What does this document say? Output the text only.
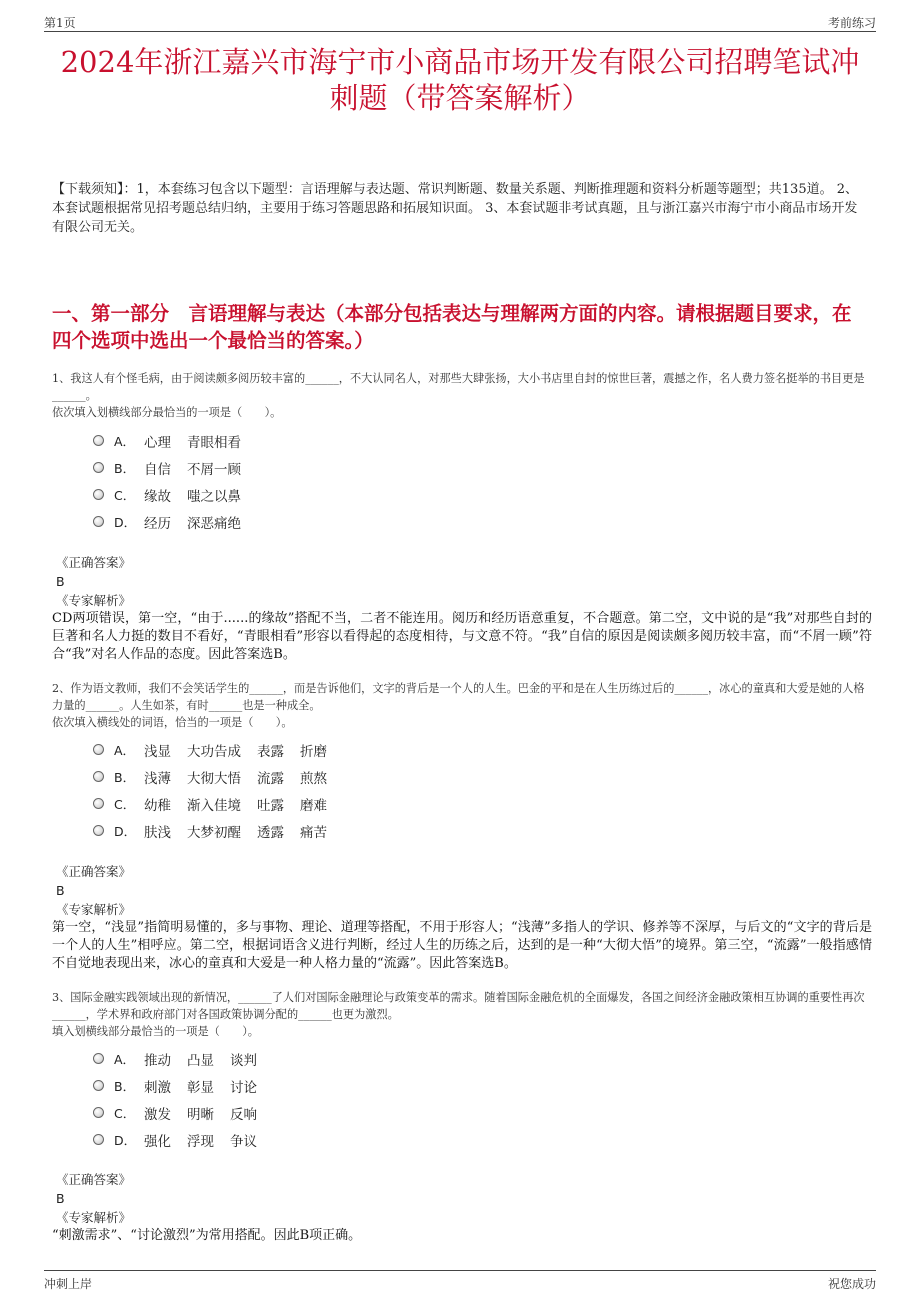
第1页	考前练习
2024年浙江嘉兴市海宁市小商品市场开发有限公司招聘笔试冲刺题（带答案解析）

【下载须知】：1，本套练习包含以下题型：言语理解与表达题、常识判断题、数量关系题、判断推理题和资料分析题等题型；共135道。 2、本套试题根据常见招考题总结归纳，主要用于练习答题思路和拓展知识面。 3、本套试题非考试真题，且与浙江嘉兴市海宁市小商品市场开发有限公司无关。

一、第一部分　言语理解与表达（本部分包括表达与理解两方面的内容。请根据题目要求，在四个选项中选出一个最恰当的答案。）

1、我这人有个怪毛病，由于阅读颇多阅历较丰富的______，不大认同名人，对那些大肆张扬，大小书店里自封的惊世巨著，震撼之作，名人费力签名挺举的书目更是______。

依次填入划横线部分最恰当的一项是（　　）。

A． 心理 青眼相看
B． 自信 不屑一顾
C． 缘故 嗤之以鼻
D． 经历 深恶痛绝
《正确答案》
B
《专家解析》

CD两项错误，第一空，“由于......的缘故”搭配不当，二者不能连用。阅历和经历语意重复，不合题意。第二空，文中说的是“我”对那些自封的巨著和名人力挺的数目不看好，“青眼相看”形容以看得起的态度相待，与文意不符。“我”自信的原因是阅读颇多阅历较丰富，而“不屑一顾”符合“我”对名人作品的态度。因此答案选B。

2、作为语文教师，我们不会笑话学生的______，而是告诉他们，文字的背后是一个人的人生。巴金的平和是在人生历练过后的______，冰心的童真和大爱是她的人格力量的______。人生如茶，有时______也是一种成全。

依次填入横线处的词语，恰当的一项是（　　）。

A． 浅显 大功告成 表露 折磨
B． 浅薄 大彻大悟 流露 煎熬
C． 幼稚 渐入佳境 吐露 磨难
D． 肤浅 大梦初醒 透露 痛苦
《正确答案》
B
《专家解析》

第一空，“浅显”指简明易懂的，多与事物、理论、道理等搭配，不用于形容人；“浅薄”多指人的学识、修养等不深厚，与后文的“文字的背后是一个人的人生”相呼应。第二空，根据词语含义进行判断，经过人生的历练之后，达到的是一种“大彻大悟”的境界。第三空，“流露”一般指感情不自觉地表现出来，冰心的童真和大爱是一种人格力量的“流露”。因此答案选B。

3、国际金融实践领域出现的新情况，______了人们对国际金融理论与政策变革的需求。随着国际金融危机的全面爆发，各国之间经济金融政策相互协调的重要性再次______，学术界和政府部门对各国政策协调分配的______也更为激烈。

填入划横线部分最恰当的一项是（　　）。

A． 推动 凸显 谈判
B． 刺激 彰显 讨论
C． 激发 明晰 反响
D． 强化 浮现 争议
《正确答案》
B
《专家解析》

“刺激需求”、“讨论激烈”为常用搭配。因此B项正确。

冲刺上岸	祝您成功
